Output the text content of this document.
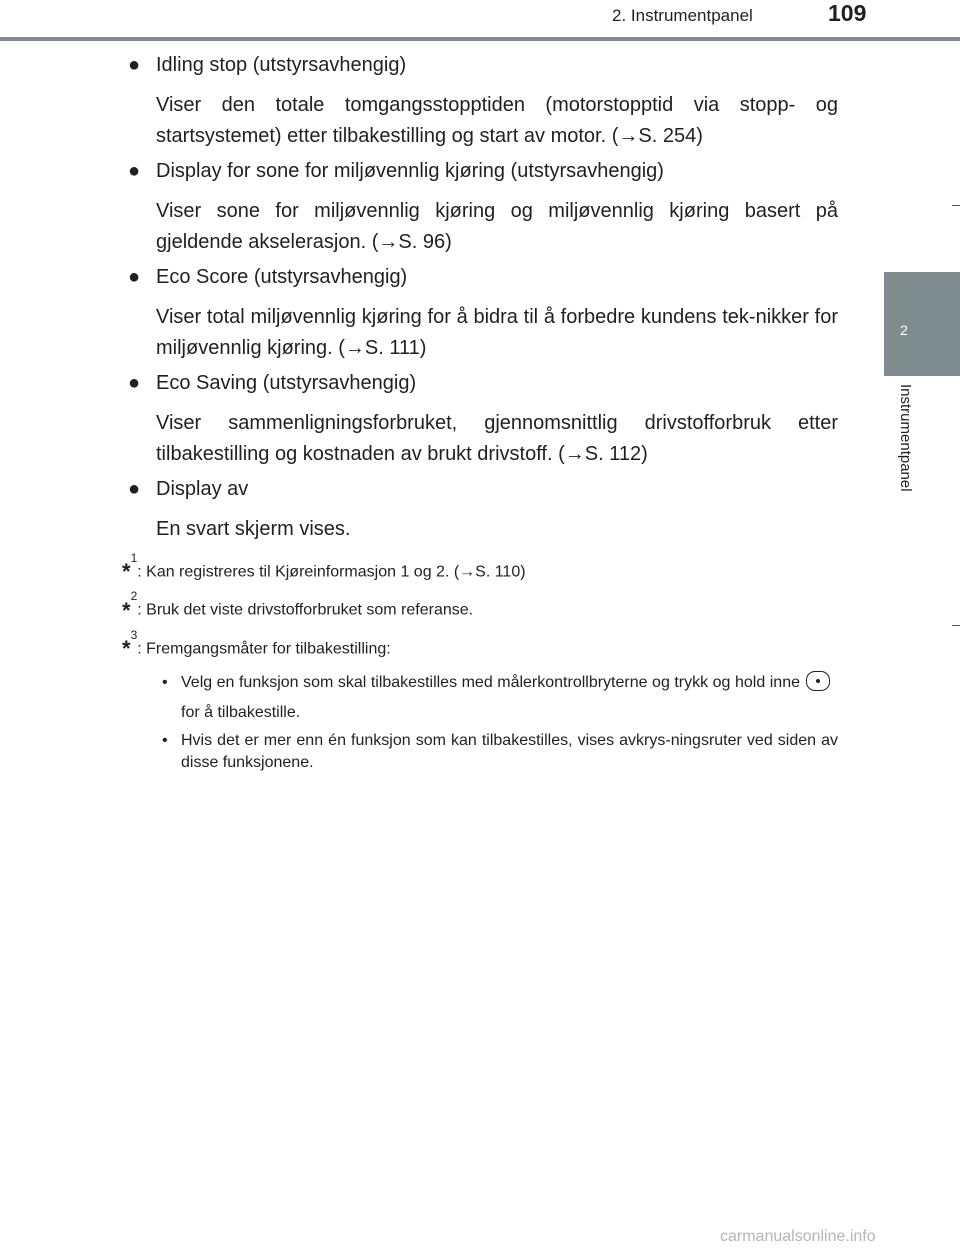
2. Instrumentpanel	109
2
Instrumentpanel
● Idling stop (utstyrsavhengig)
Viser den totale tomgangsstopptiden (motorstopptid via stopp- og startsystemet) etter tilbakestilling og start av motor. (→S. 254)
● Display for sone for miljøvennlig kjøring (utstyrsavhengig)
Viser sone for miljøvennlig kjøring og miljøvennlig kjøring basert på gjeldende akselerasjon. (→S. 96)
● Eco Score (utstyrsavhengig)
Viser total miljøvennlig kjøring for å bidra til å forbedre kundens tek-nikker for miljøvennlig kjøring. (→S. 111)
● Eco Saving (utstyrsavhengig)
Viser sammenligningsforbruket, gjennomsnittlig drivstofforbruk etter tilbakestilling og kostnaden av brukt drivstoff. (→S. 112)
● Display av
En svart skjerm vises.
*$^1$: Kan registreres til Kjøreinformasjon 1 og 2. (→S. 110)
*$^2$: Bruk det viste drivstofforbruket som referanse.
*$^3$: Fremgangsmåter for tilbakestilling:
• Velg en funksjon som skal tilbakestilles med målerkontrollbryterne og trykk og hold innefor å tilbakestille.
• Hvis det er mer enn én funksjon som kan tilbakestilles, vises avkrys-ningsruter ved siden av disse funksjonene.
carmanualsonline.info
